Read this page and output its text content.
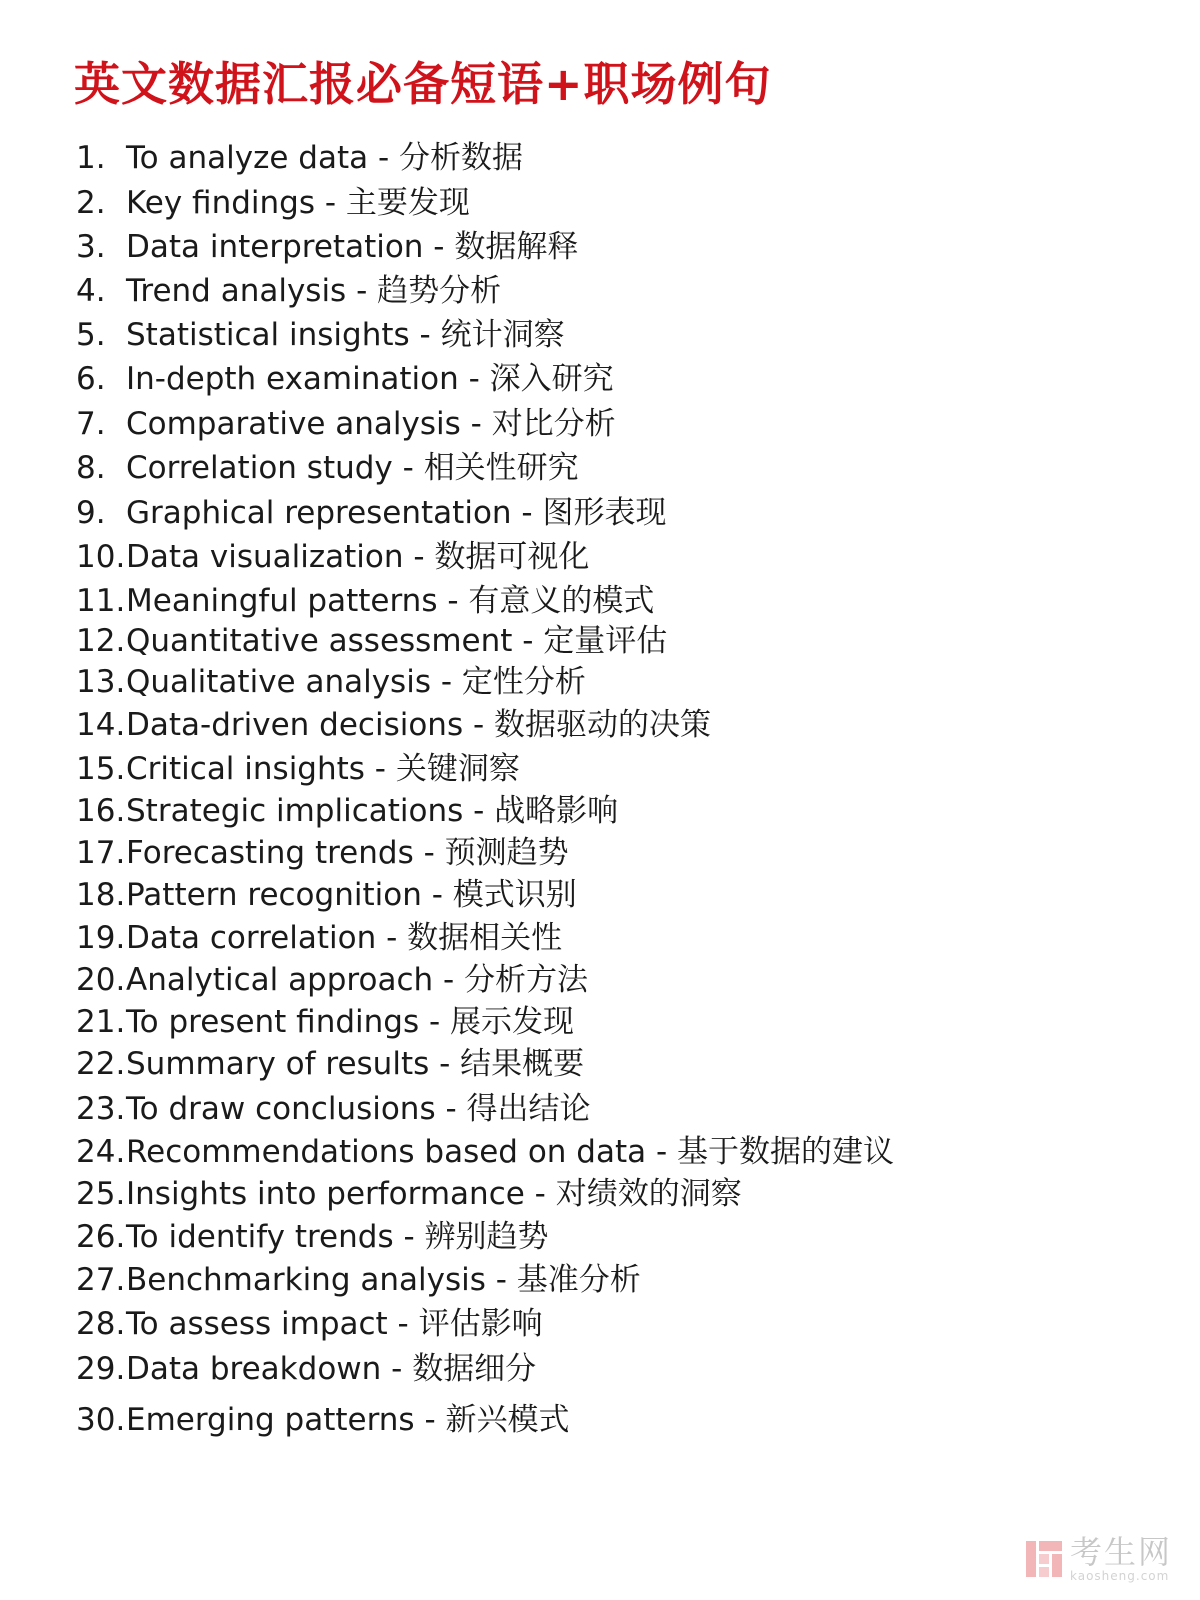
英文数据汇报必备短语+职场例句
1. To analyze data - 分析数据
2. Key findings - 主要发现
3. Data interpretation - 数据解释
4. Trend analysis - 趋势分析
5. Statistical insights - 统计洞察
6. In-depth examination - 深入研究
7. Comparative analysis - 对比分析
8. Correlation study - 相关性研究
9. Graphical representation - 图形表现
10.Data visualization - 数据可视化
11.Meaningful patterns - 有意义的模式
12.Quantitative assessment - 定量评估
13.Qualitative analysis - 定性分析
14.Data-driven decisions - 数据驱动的决策
15.Critical insights - 关键洞察
16.Strategic implications - 战略影响
17.Forecasting trends - 预测趋势
18.Pattern recognition - 模式识别
19.Data correlation - 数据相关性
20.Analytical approach - 分析方法
21.To present findings - 展示发现
22.Summary of results - 结果概要
23.To draw conclusions - 得出结论
24.Recommendations based on data - 基于数据的建议
25.Insights into performance - 对绩效的洞察
26.To identify trends - 辨别趋势
27.Benchmarking analysis - 基准分析
28.To assess impact - 评估影响
29.Data breakdown - 数据细分
30.Emerging patterns - 新兴模式
考生网
kaosheng.com
